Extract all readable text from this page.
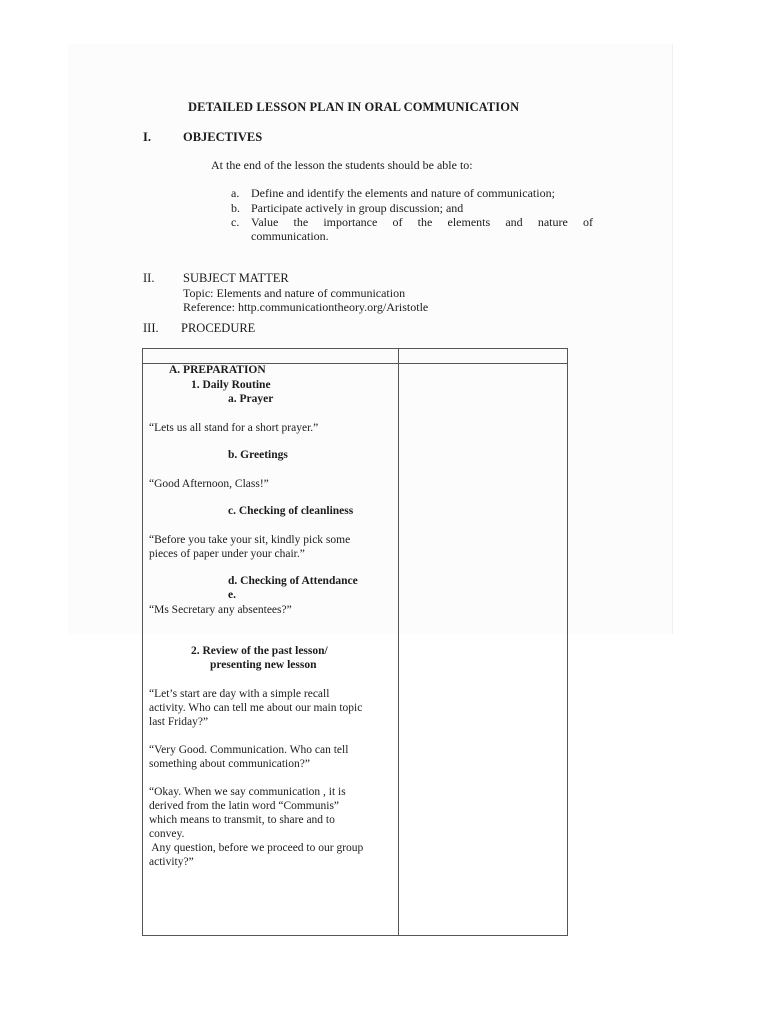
DETAILED LESSON PLAN IN ORAL COMMUNICATION
I.	OBJECTIVES
At the end of the lesson the students should be able to:
a. Define and identify the elements and nature of communication;
b. Participate actively in group discussion; and
c. Value the importance of the elements and nature of
communication.
II. SUBJECT MATTER
Topic: Elements and nature of communication
Reference: http.communicationtheory.org/Aristotle
III. PROCEDURE
A. PREPARATION
1. Daily Routine
a. Prayer
“Lets us all stand for a short prayer.”
b. Greetings
“Good Afternoon, Class!”
c. Checking of cleanliness
“Before you take your sit, kindly pick some
pieces of paper under your chair.”
d. Checking of Attendance
e.
“Ms Secretary any absentees?”
2. Review of the past lesson/
presenting new lesson
“Let’s start are day with a simple recall
activity. Who can tell me about our main topic
last Friday?”
“Very Good. Communication. Who can tell
something about communication?”
“Okay. When we say communication , it is
derived from the latin word “Communis”
which means to transmit, to share and to
convey.
Any question, before we proceed to our group
activity?”
